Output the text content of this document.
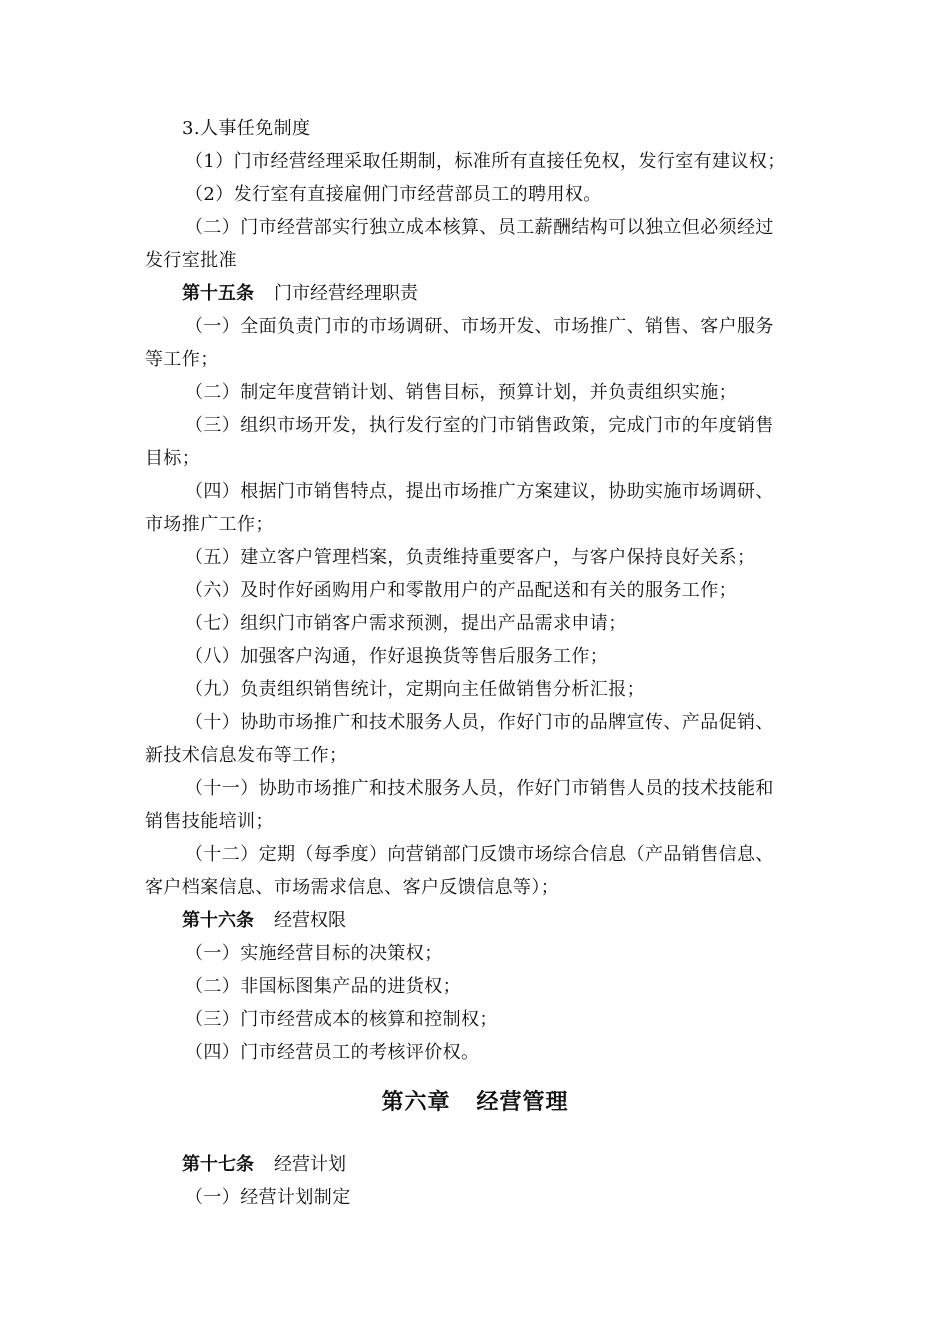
3.人事任免制度
（1）门市经营经理采取任期制，标准所有直接任免权，发行室有建议权；
（2）发行室有直接雇佣门市经营部员工的聘用权。
（二）门市经营部实行独立成本核算、员工薪酬结构可以独立但必须经过
发行室批准
第十五条 门市经营经理职责
（一）全面负责门市的市场调研、市场开发、市场推广、销售、客户服务
等工作；
（二）制定年度营销计划、销售目标，预算计划，并负责组织实施；
（三）组织市场开发，执行发行室的门市销售政策，完成门市的年度销售
目标；
（四）根据门市销售特点，提出市场推广方案建议，协助实施市场调研、
市场推广工作；
（五）建立客户管理档案，负责维持重要客户，与客户保持良好关系；
（六）及时作好函购用户和零散用户的产品配送和有关的服务工作；
（七）组织门市销客户需求预测，提出产品需求申请；
（八）加强客户沟通，作好退换货等售后服务工作；
（九）负责组织销售统计，定期向主任做销售分析汇报；
（十）协助市场推广和技术服务人员，作好门市的品牌宣传、产品促销、
新技术信息发布等工作；
（十一）协助市场推广和技术服务人员，作好门市销售人员的技术技能和
销售技能培训；
（十二）定期（每季度）向营销部门反馈市场综合信息（产品销售信息、
客户档案信息、市场需求信息、客户反馈信息等）；
第十六条 经营权限
（一）实施经营目标的决策权；
（二）非国标图集产品的进货权；
（三）门市经营成本的核算和控制权；
（四）门市经营员工的考核评价权。
第六章 经营管理
第十七条 经营计划
（一）经营计划制定
